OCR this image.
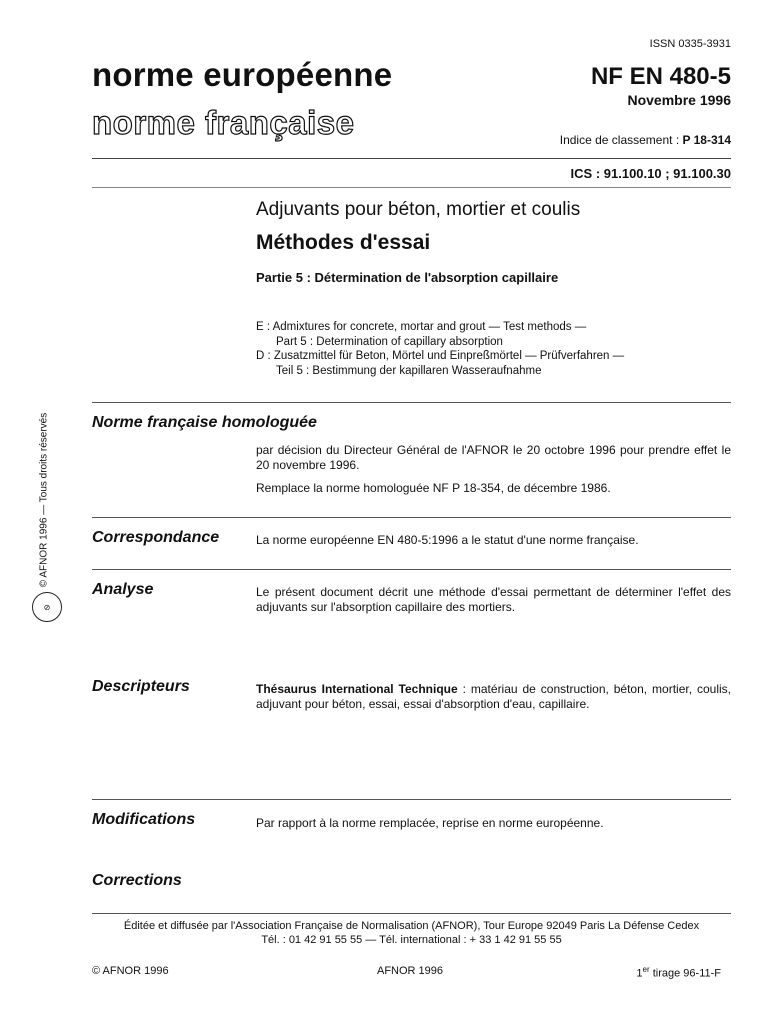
ISSN 0335-3931
norme européenne
norme française
NF EN 480-5
Novembre 1996
Indice de classement : P 18-314
ICS : 91.100.10 ; 91.100.30
Adjuvants pour béton, mortier et coulis
Méthodes d'essai
Partie 5 : Détermination de l'absorption capillaire
E : Admixtures for concrete, mortar and grout — Test methods —
Part 5 : Determination of capillary absorption
D : Zusatzmittel für Beton, Mörtel und Einpreßmörtel — Prüfverfahren —
Teil 5 : Bestimmung der kapillaren Wasseraufnahme
© AFNOR 1996 — Tous droits réservés
⊘
Norme française homologuée

par décision du Directeur Général de l'AFNOR le 20 octobre 1996 pour prendre effet le 20 novembre 1996.

Remplace la norme homologuée NF P 18-354, de décembre 1986.

Correspondance	La norme européenne EN 480-5:1996 a le statut d'une norme française.
Analyse	Le présent document décrit une méthode d'essai permettant de déterminer l'effet des adjuvants sur l'absorption capillaire des mortiers.
Descripteurs	Thésaurus International Technique : matériau de construction, béton, mortier, coulis, adjuvant pour béton, essai, essai d'absorption d'eau, capillaire.
Modifications	Par rapport à la norme remplacée, reprise en norme européenne.
Corrections
Éditée et diffusée par l'Association Française de Normalisation (AFNOR), Tour Europe 92049 Paris La Défense Cedex
Tél. : 01 42 91 55 55 — Tél. international : + 33 1 42 91 55 55
© AFNOR 1996	AFNOR 1996	1er tirage 96-11-F
